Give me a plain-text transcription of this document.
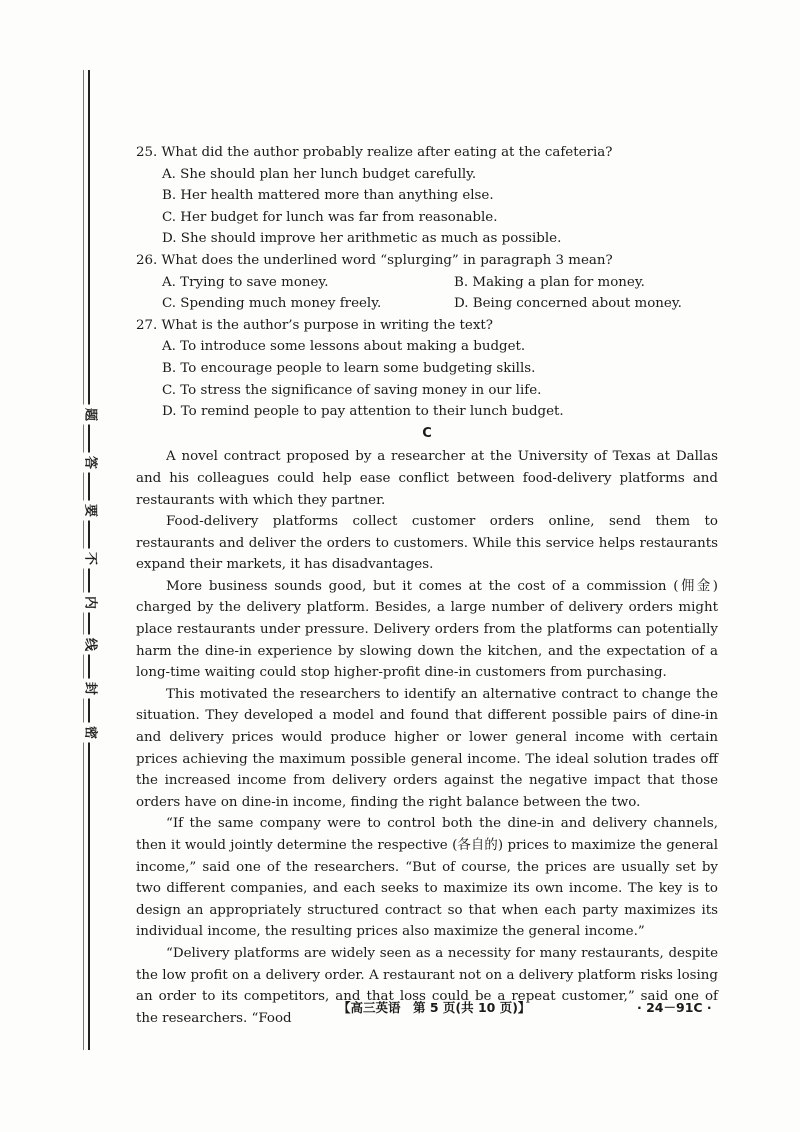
题
答
要
不
内
线
封
密

25. What did the author probably realize after eating at the cafeteria?

A. She should plan her lunch budget carefully.

B. Her health mattered more than anything else.

C. Her budget for lunch was far from reasonable.

D. She should improve her arithmetic as much as possible.

26. What does the underlined word “splurging” in paragraph 3 mean?

A. Trying to save money.	B. Making a plan for money.
C. Spending much money freely.	D. Being concerned about money.

27. What is the author’s purpose in writing the text?

A. To introduce some lessons about making a budget.

B. To encourage people to learn some budgeting skills.

C. To stress the significance of saving money in our life.

D. To remind people to pay attention to their lunch budget.

C

A novel contract proposed by a researcher at the University of Texas at Dallas and his colleagues could help ease conflict between food-delivery platforms and restaurants with which they partner.

Food-delivery platforms collect customer orders online, send them to restaurants and deliver the orders to customers. While this service helps restaurants expand their markets, it has disadvantages.

More business sounds good, but it comes at the cost of a commission (佣金) charged by the delivery platform. Besides, a large number of delivery orders might place restaurants under pressure. Delivery orders from the platforms can potentially harm the dine-in experience by slowing down the kitchen, and the expectation of a long-time waiting could stop higher-profit dine-in customers from purchasing.

This motivated the researchers to identify an alternative contract to change the situation. They developed a model and found that different possible pairs of dine-in and delivery prices would produce higher or lower general income with certain prices achieving the maximum possible general income. The ideal solution trades off the increased income from delivery orders against the negative impact that those orders have on dine-in income, finding the right balance between the two.

“If the same company were to control both the dine-in and delivery channels, then it would jointly determine the respective (各自的) prices to maximize the general income,” said one of the researchers. “But of course, the prices are usually set by two different companies, and each seeks to maximize its own income. The key is to design an appropriately structured contract so that when each party maximizes its individual income, the resulting prices also maximize the general income.”

“Delivery platforms are widely seen as a necessity for many restaurants, despite the low profit on a delivery order. A restaurant not on a delivery platform risks losing an order to its competitors, and that loss could be a repeat customer,” said one of the researchers. “Food

【高三英语　第 5 页(共 10 页)】	· 24－91C ·
